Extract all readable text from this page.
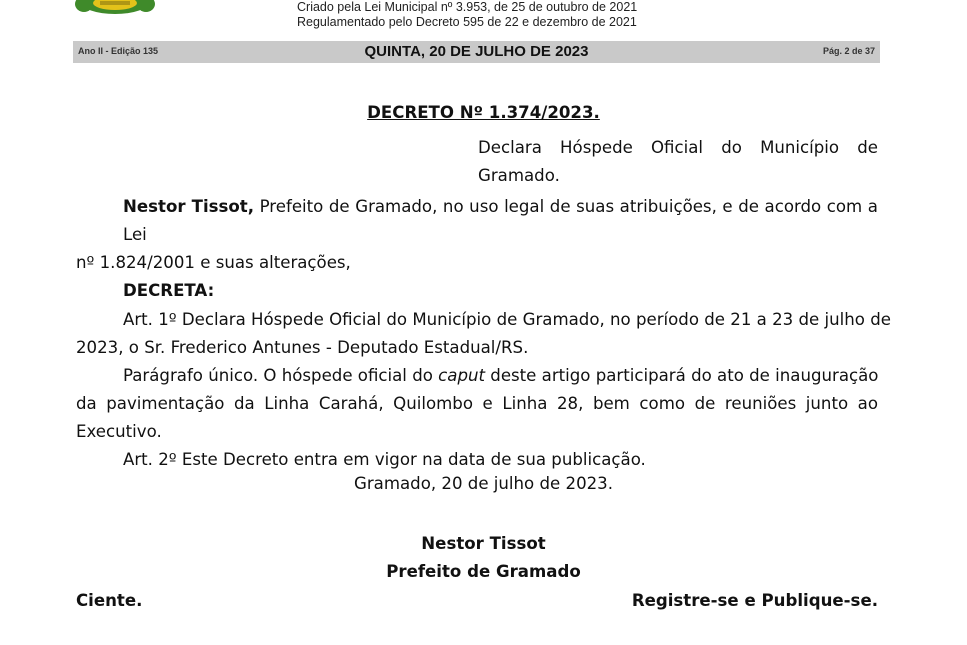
Criado pela Lei Municipal nº 3.953, de 25 de outubro de 2021
Regulamentado pelo Decreto 595 de 22 e dezembro de 2021
Ano II - Edição 135	QUINTA, 20 DE JULHO DE 2023	Pág. 2 de 37
DECRETO Nº 1.374/2023.
Declara Hóspede Oficial do Município de
Gramado.
Nestor Tissot, Prefeito de Gramado, no uso legal de suas atribuições, e de acordo com a Lei
nº 1.824/2001 e suas alterações,
DECRETA:
Art. 1º Declara Hóspede Oficial do Município de Gramado, no período de 21 a 23 de julho de
2023, o Sr. Frederico Antunes - Deputado Estadual/RS.
Parágrafo único. O hóspede oficial do caput deste artigo participará do ato de inauguração
da pavimentação da Linha Carahá, Quilombo e Linha 28, bem como de reuniões junto ao
Executivo.
Art. 2º Este Decreto entra em vigor na data de sua publicação.
Gramado, 20 de julho de 2023.
Nestor Tissot
Prefeito de Gramado
Ciente.	Registre-se e Publique-se.
